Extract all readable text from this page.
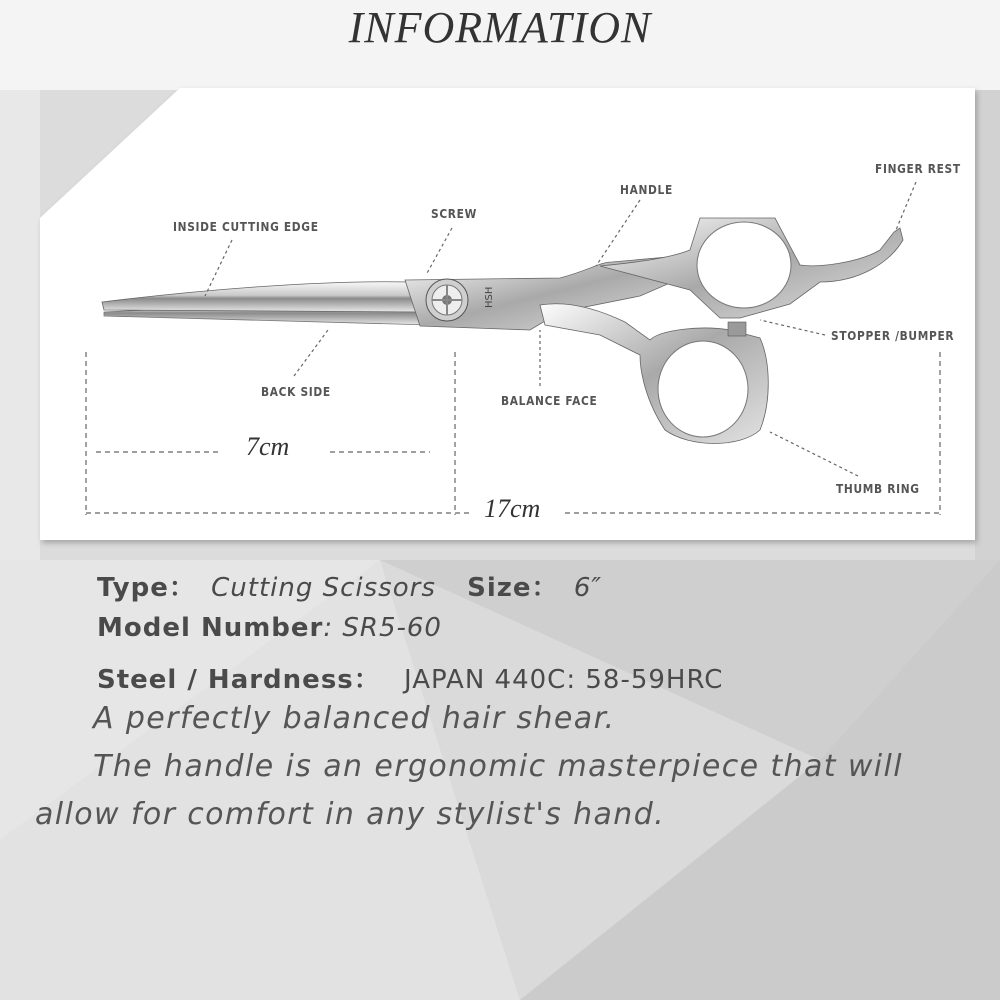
INFORMATION
HSH
INSIDE CUTTING EDGE
SCREW
HANDLE
FINGER REST
STOPPER /BUMPER
BACK SIDE
BALANCE FACE
THUMB RING
7cm
17cm
Type： Cutting Scissors Size： 6″
Model Number: SR5-60
Steel / Hardness： JAPAN 440C: 58-59HRC
A perfectly balanced hair shear.
The handle is an ergonomic masterpiece that will
allow for comfort in any stylist's hand.
